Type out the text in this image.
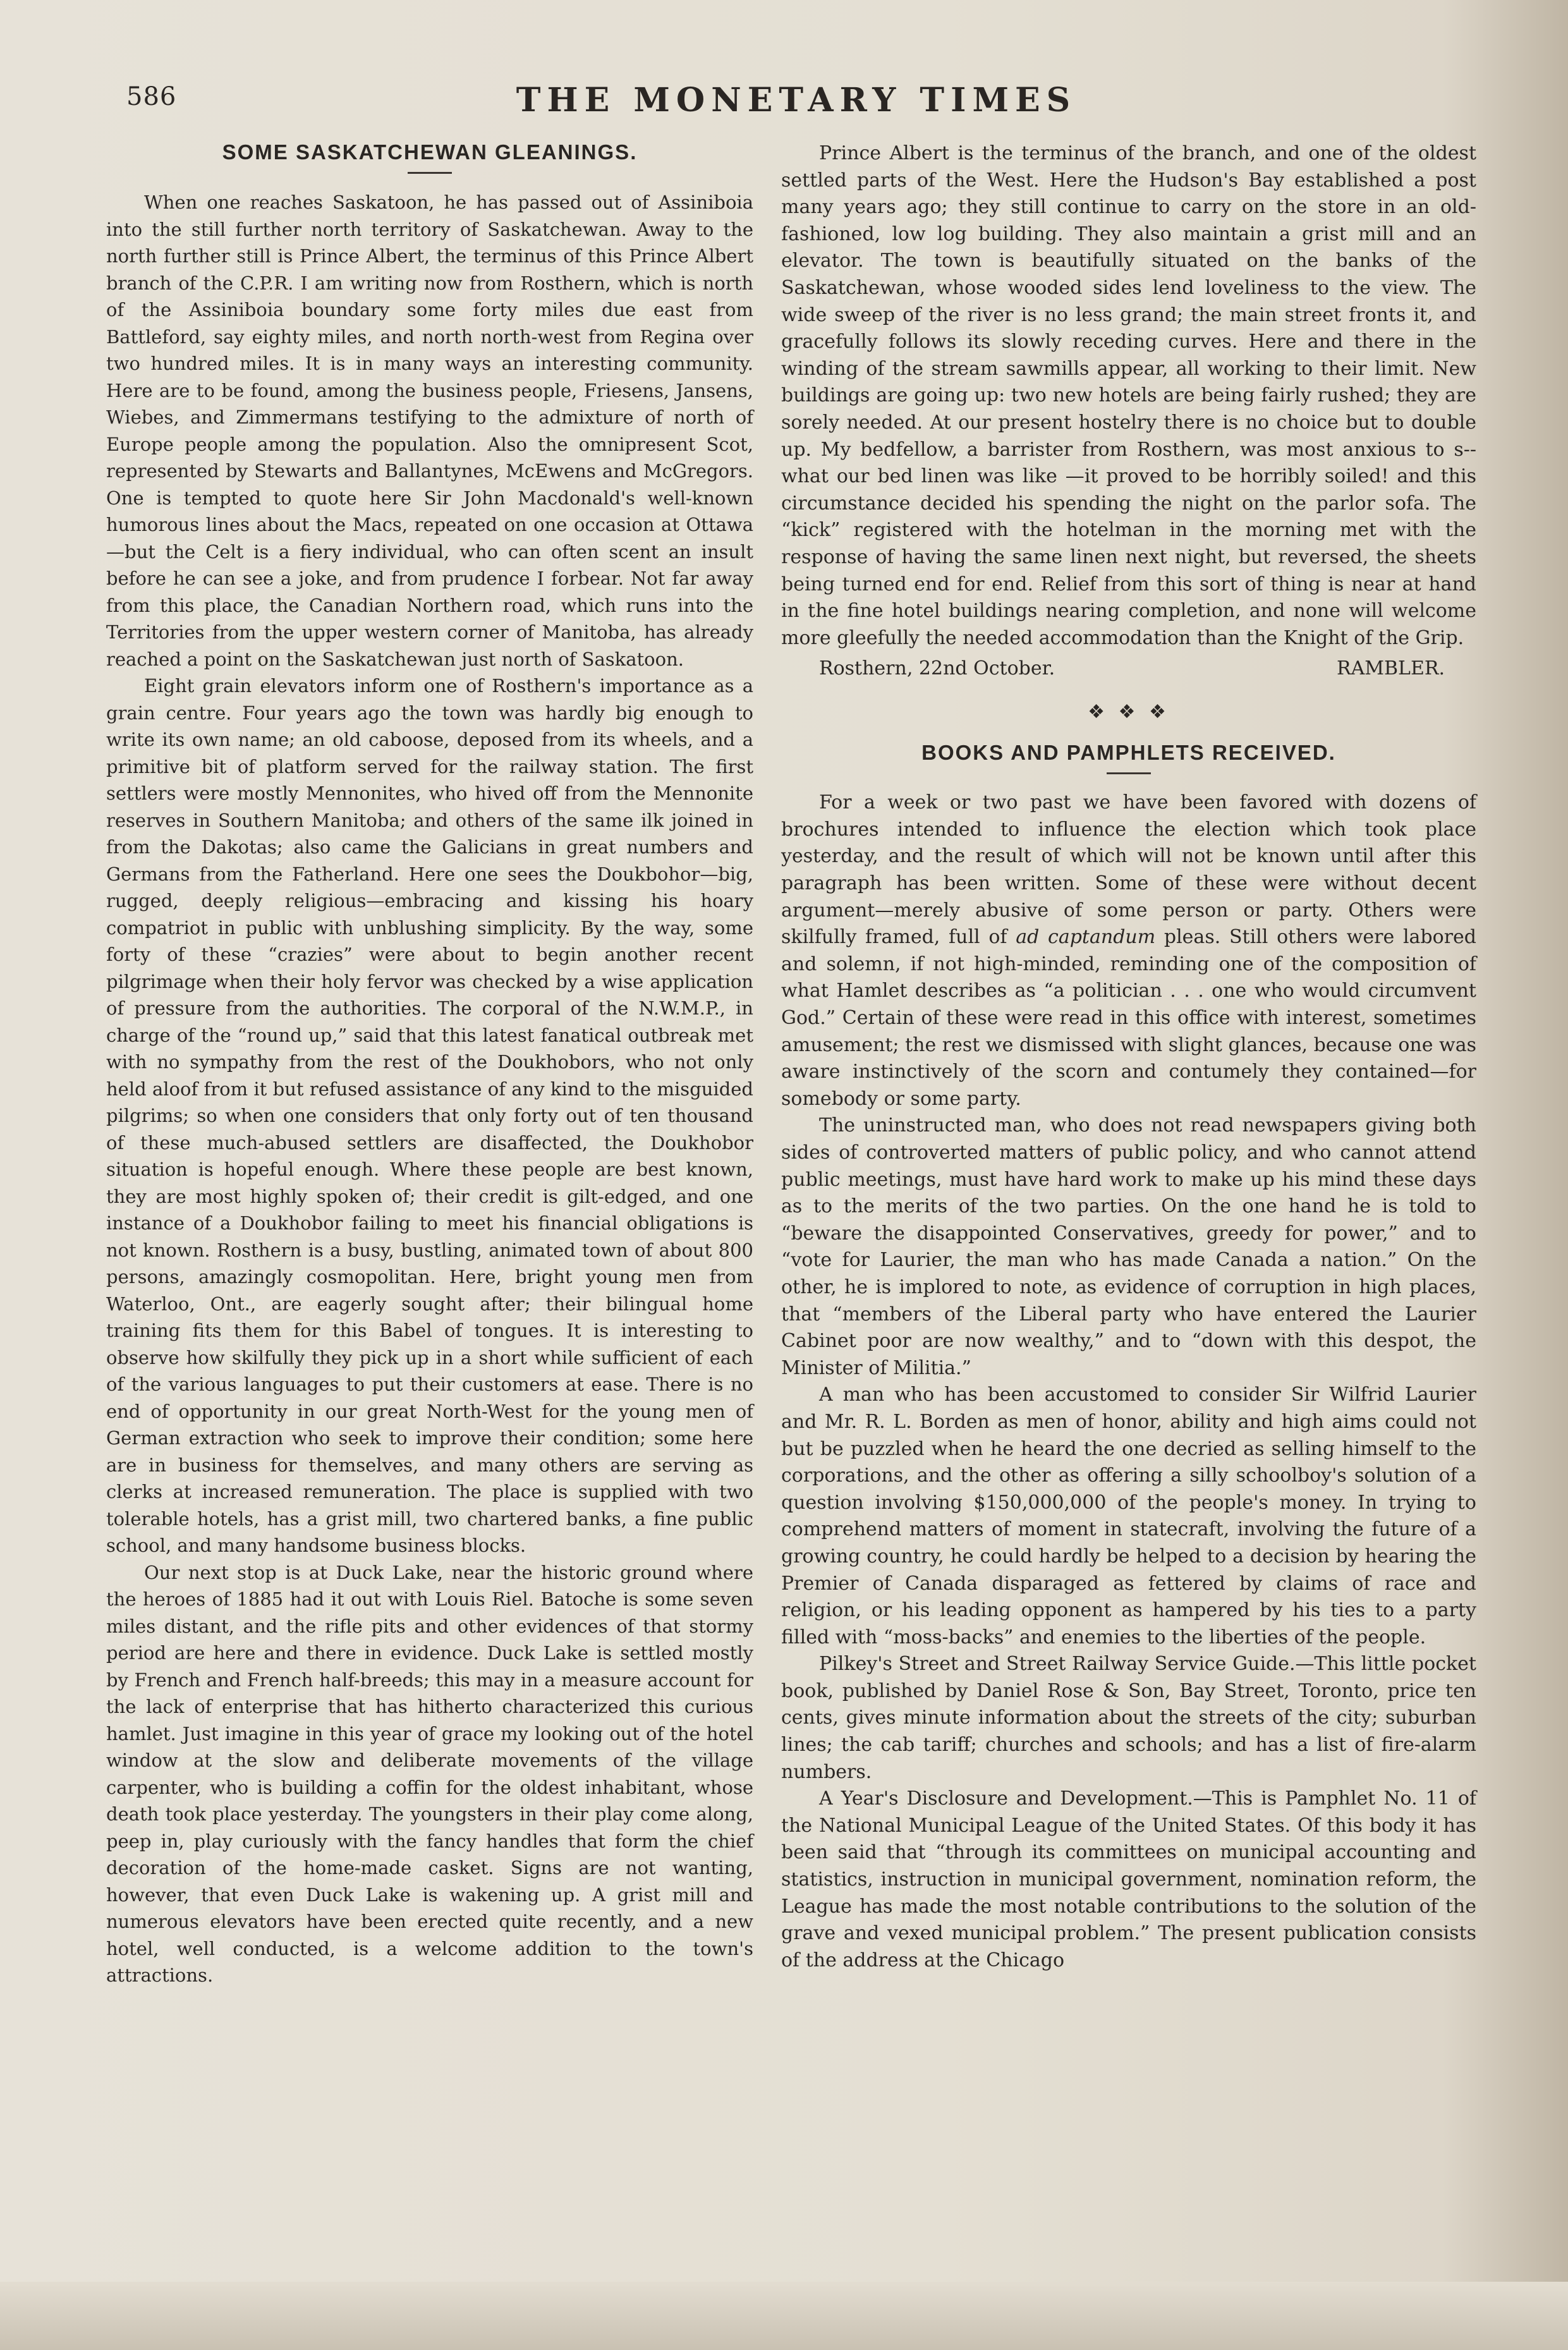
586	THE MONETARY TIMES
SOME SASKATCHEWAN GLEANINGS.

When one reaches Saskatoon, he has passed out of Assiniboia into the still further north territory of Saskatchewan. Away to the north further still is Prince Albert, the terminus of this Prince Albert branch of the C.P.R. I am writing now from Rosthern, which is north of the Assiniboia boundary some forty miles due east from Battleford, say eighty miles, and north north-west from Regina over two hundred miles. It is in many ways an interesting community. Here are to be found, among the business people, Friesens, Jansens, Wiebes, and Zimmermans testifying to the admixture of north of Europe people among the population. Also the omnipresent Scot, represented by Stewarts and Ballantynes, McEwens and McGregors. One is tempted to quote here Sir John Macdonald's well-known humorous lines about the Macs, repeated on one occasion at Ottawa—but the Celt is a fiery individual, who can often scent an insult before he can see a joke, and from prudence I forbear. Not far away from this place, the Canadian Northern road, which runs into the Territories from the upper western corner of Manitoba, has already reached a point on the Saskatchewan just north of Saskatoon.

Eight grain elevators inform one of Rosthern's importance as a grain centre. Four years ago the town was hardly big enough to write its own name; an old caboose, deposed from its wheels, and a primitive bit of platform served for the railway station. The first settlers were mostly Mennonites, who hived off from the Mennonite reserves in Southern Manitoba; and others of the same ilk joined in from the Dakotas; also came the Galicians in great numbers and Germans from the Fatherland. Here one sees the Doukbohor—big, rugged, deeply religious—embracing and kissing his hoary compatriot in public with unblushing simplicity. By the way, some forty of these “crazies” were about to begin another recent pilgrimage when their holy fervor was checked by a wise application of pressure from the authorities. The corporal of the N.W.M.P., in charge of the “round up,” said that this latest fanatical outbreak met with no sympathy from the rest of the Doukhobors, who not only held aloof from it but refused assistance of any kind to the misguided pilgrims; so when one considers that only forty out of ten thousand of these much-abused settlers are disaffected, the Doukhobor situation is hopeful enough. Where these people are best known, they are most highly spoken of; their credit is gilt-edged, and one instance of a Doukhobor failing to meet his financial obligations is not known. Rosthern is a busy, bustling, animated town of about 800 persons, amazingly cosmopolitan. Here, bright young men from Waterloo, Ont., are eagerly sought after; their bilingual home training fits them for this Babel of tongues. It is interesting to observe how skilfully they pick up in a short while sufficient of each of the various languages to put their customers at ease. There is no end of opportunity in our great North-West for the young men of German extraction who seek to improve their condition; some here are in business for themselves, and many others are serving as clerks at increased remuneration. The place is supplied with two tolerable hotels, has a grist mill, two chartered banks, a fine public school, and many handsome business blocks.

Our next stop is at Duck Lake, near the historic ground where the heroes of 1885 had it out with Louis Riel. Batoche is some seven miles distant, and the rifle pits and other evidences of that stormy period are here and there in evidence. Duck Lake is settled mostly by French and French half-breeds; this may in a measure account for the lack of enterprise that has hitherto characterized this curious hamlet. Just imagine in this year of grace my looking out of the hotel window at the slow and deliberate movements of the village carpenter, who is building a coffin for the oldest inhabitant, whose death took place yesterday. The youngsters in their play come along, peep in, play curiously with the fancy handles that form the chief decoration of the home-made casket. Signs are not wanting, however, that even Duck Lake is wakening up. A grist mill and numerous elevators have been erected quite recently, and a new hotel, well conducted, is a welcome addition to the town's attractions.

Prince Albert is the terminus of the branch, and one of the oldest settled parts of the West. Here the Hudson's Bay established a post many years ago; they still continue to carry on the store in an old-fashioned, low log building. They also maintain a grist mill and an elevator. The town is beautifully situated on the banks of the Saskatchewan, whose wooded sides lend loveliness to the view. The wide sweep of the river is no less grand; the main street fronts it, and gracefully follows its slowly receding curves. Here and there in the winding of the stream sawmills appear, all working to their limit. New buildings are going up: two new hotels are being fairly rushed; they are sorely needed. At our present hostelry there is no choice but to double up. My bedfellow, a barrister from Rosthern, was most anxious to s-- what our bed linen was like —it proved to be horribly soiled! and this circumstance decided his spending the night on the parlor sofa. The “kick” registered with the hotelman in the morning met with the response of having the same linen next night, but reversed, the sheets being turned end for end. Relief from this sort of thing is near at hand in the fine hotel buildings nearing completion, and none will welcome more gleefully the needed accommodation than the Knight of the Grip.

Rosthern, 22nd October.	RAMBLER.
❖ ❖ ❖
BOOKS AND PAMPHLETS RECEIVED.

For a week or two past we have been favored with dozens of brochures intended to influence the election which took place yesterday, and the result of which will not be known until after this paragraph has been written. Some of these were without decent argument—merely abusive of some person or party. Others were skilfully framed, full of ad captandum pleas. Still others were labored and solemn, if not high-minded, reminding one of the composition of what Hamlet describes as “a politician . . . one who would circumvent God.” Certain of these were read in this office with interest, sometimes amusement; the rest we dismissed with slight glances, because one was aware instinctively of the scorn and contumely they contained—for somebody or some party.

The uninstructed man, who does not read newspapers giving both sides of controverted matters of public policy, and who cannot attend public meetings, must have hard work to make up his mind these days as to the merits of the two parties. On the one hand he is told to “beware the disappointed Conservatives, greedy for power,” and to “vote for Laurier, the man who has made Canada a nation.” On the other, he is implored to note, as evidence of corruption in high places, that “members of the Liberal party who have entered the Laurier Cabinet poor are now wealthy,” and to “down with this despot, the Minister of Militia.”

A man who has been accustomed to consider Sir Wilfrid Laurier and Mr. R. L. Borden as men of honor, ability and high aims could not but be puzzled when he heard the one decried as selling himself to the corporations, and the other as offering a silly schoolboy's solution of a question involving $150,000,000 of the people's money. In trying to comprehend matters of moment in statecraft, involving the future of a growing country, he could hardly be helped to a decision by hearing the Premier of Canada disparaged as fettered by claims of race and religion, or his leading opponent as hampered by his ties to a party filled with “moss-backs” and enemies to the liberties of the people.

Pilkey's Street and Street Railway Service Guide.—This little pocket book, published by Daniel Rose & Son, Bay Street, Toronto, price ten cents, gives minute information about the streets of the city; suburban lines; the cab tariff; churches and schools; and has a list of fire-alarm numbers.

A Year's Disclosure and Development.—This is Pamphlet No. 11 of the National Municipal League of the United States. Of this body it has been said that “through its committees on municipal accounting and statistics, instruction in municipal government, nomination reform, the League has made the most notable contributions to the solution of the grave and vexed municipal problem.” The present publication consists of the address at the Chicago
